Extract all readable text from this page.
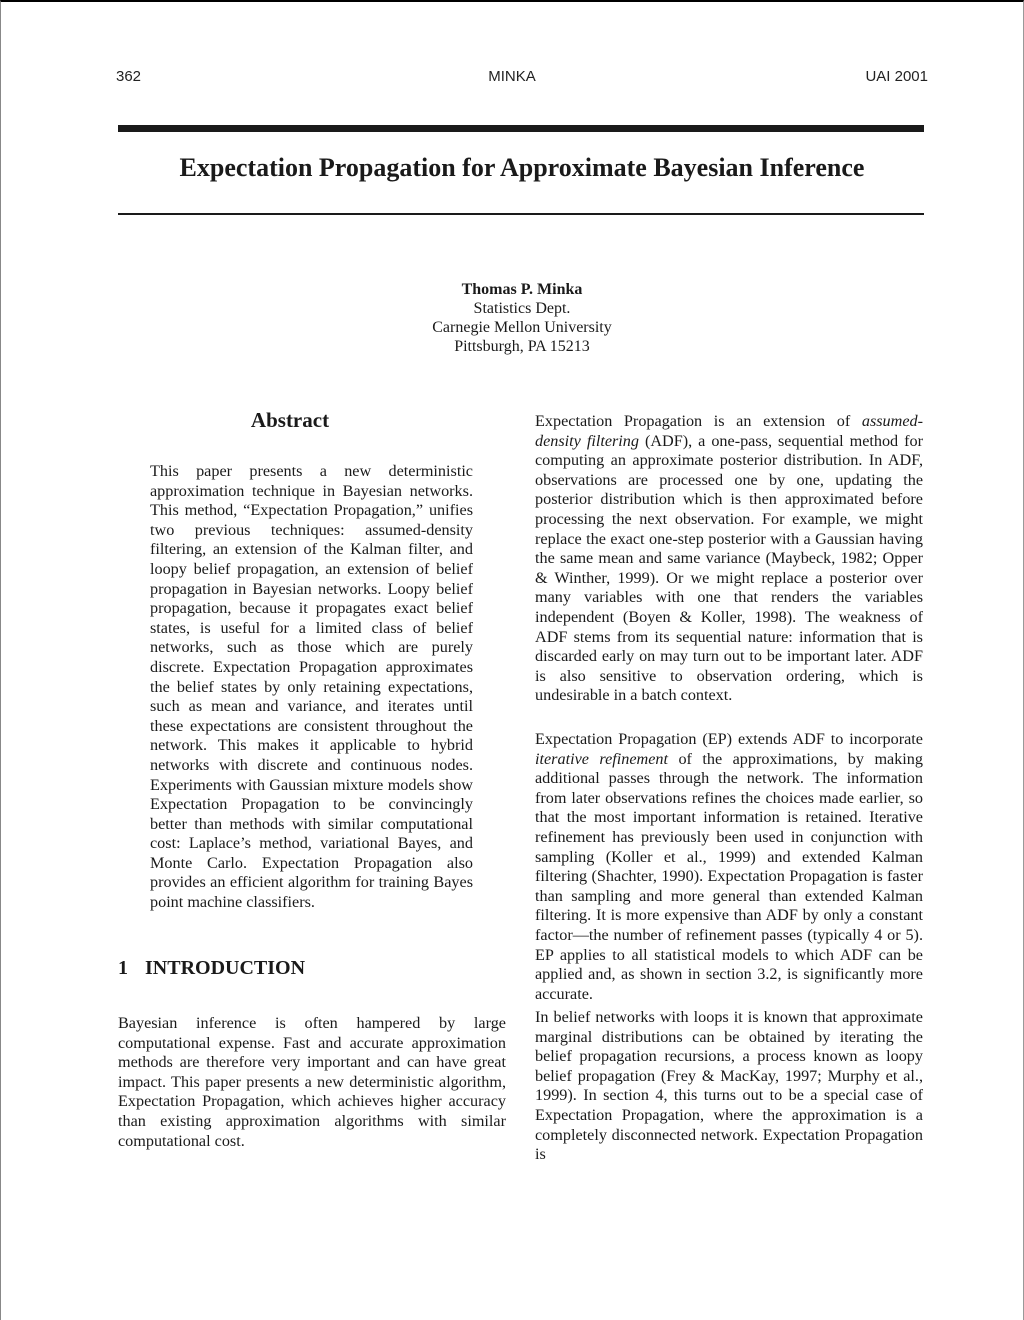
362	MINKA	UAI 2001
Expectation Propagation for Approximate Bayesian Inference
Thomas P. Minka
Statistics Dept.
Carnegie Mellon University
Pittsburgh, PA 15213
Abstract

This paper presents a new deterministic approximation technique in Bayesian networks. This method, “Expectation Propagation,” unifies two previous techniques: assumed-density filtering, an extension of the Kalman filter, and loopy belief propagation, an extension of belief propagation in Bayesian networks. Loopy belief propagation, because it propagates exact belief states, is useful for a limited class of belief networks, such as those which are purely discrete. Expectation Propagation approximates the belief states by only retaining expectations, such as mean and variance, and iterates until these expectations are consistent throughout the network. This makes it applicable to hybrid networks with discrete and continuous nodes. Experiments with Gaussian mixture models show Expectation Propagation to be convincingly better than methods with similar computational cost: Laplace’s method, variational Bayes, and Monte Carlo. Expectation Propagation also provides an efficient algorithm for training Bayes point machine classifiers.

1 INTRODUCTION

Bayesian inference is often hampered by large computational expense. Fast and accurate approximation methods are therefore very important and can have great impact. This paper presents a new deterministic algorithm, Expectation Propagation, which achieves higher accuracy than existing approximation algorithms with similar computational cost.

Expectation Propagation is an extension of assumed-density filtering (ADF), a one-pass, sequential method for computing an approximate posterior distribution. In ADF, observations are processed one by one, updating the posterior distribution which is then approximated before processing the next observation. For example, we might replace the exact one-step posterior with a Gaussian having the same mean and same variance (Maybeck, 1982; Opper & Winther, 1999). Or we might replace a posterior over many variables with one that renders the variables independent (Boyen & Koller, 1998). The weakness of ADF stems from its sequential nature: information that is discarded early on may turn out to be important later. ADF is also sensitive to observation ordering, which is undesirable in a batch context.

Expectation Propagation (EP) extends ADF to incorporate iterative refinement of the approximations, by making additional passes through the network. The information from later observations refines the choices made earlier, so that the most important information is retained. Iterative refinement has previously been used in conjunction with sampling (Koller et al., 1999) and extended Kalman filtering (Shachter, 1990). Expectation Propagation is faster than sampling and more general than extended Kalman filtering. It is more expensive than ADF by only a constant factor—the number of refinement passes (typically 4 or 5). EP applies to all statistical models to which ADF can be applied and, as shown in section 3.2, is significantly more accurate.

In belief networks with loops it is known that approximate marginal distributions can be obtained by iterating the belief propagation recursions, a process known as loopy belief propagation (Frey & MacKay, 1997; Murphy et al., 1999). In section 4, this turns out to be a special case of Expectation Propagation, where the approximation is a completely disconnected network. Expectation Propagation is
